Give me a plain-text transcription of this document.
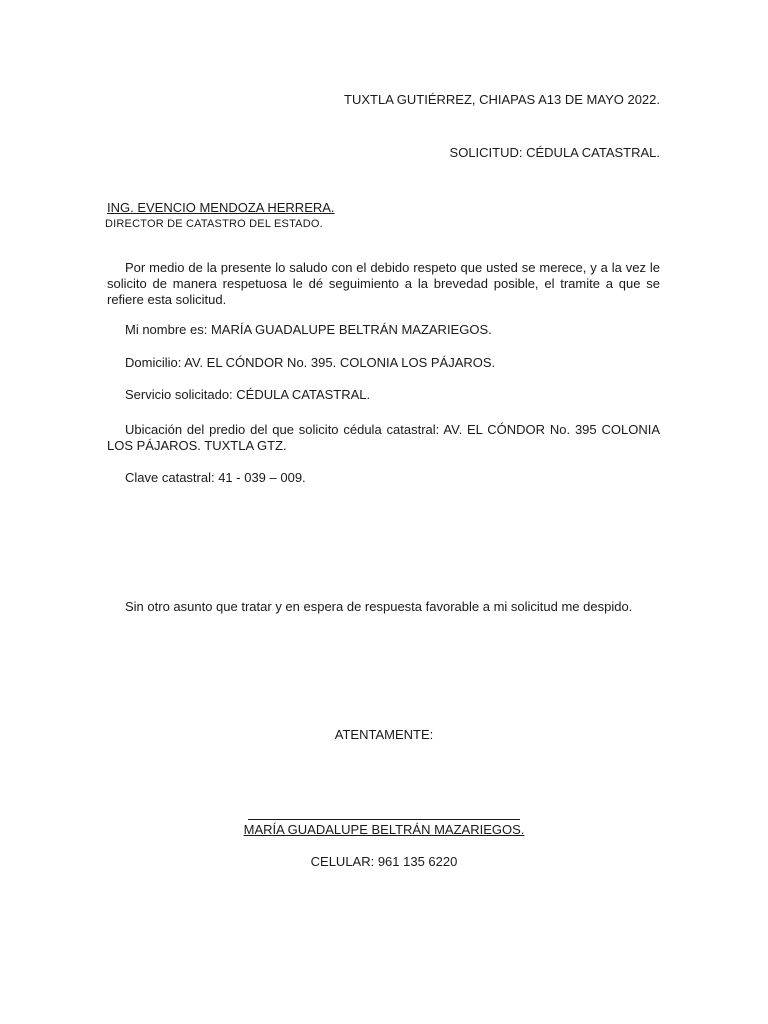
TUXTLA GUTIÉRREZ, CHIAPAS A13 DE MAYO 2022.
SOLICITUD: CÉDULA CATASTRAL.
ING. EVENCIO MENDOZA HERRERA.
DIRECTOR DE CATASTRO DEL ESTADO.
Por medio de la presente lo saludo con el debido respeto que usted se merece, y a la vez le solicito de manera respetuosa le dé seguimiento a la brevedad posible, el tramite a que se refiere esta solicitud.
Mi nombre es: MARÍA GUADALUPE BELTRÁN MAZARIEGOS.
Domicilio: AV. EL CÓNDOR No. 395. COLONIA LOS PÁJAROS.
Servicio solicitado: CÉDULA CATASTRAL.
Ubicación del predio del que solicito cédula catastral: AV. EL CÓNDOR No. 395 COLONIA LOS PÁJAROS. TUXTLA GTZ.
Clave catastral: 41 - 039 – 009.
Sin otro asunto que tratar y en espera de respuesta favorable a mi solicitud me despido.
ATENTAMENTE:
MARÍA GUADALUPE BELTRÁN MAZARIEGOS.
CELULAR: 961 135 6220
